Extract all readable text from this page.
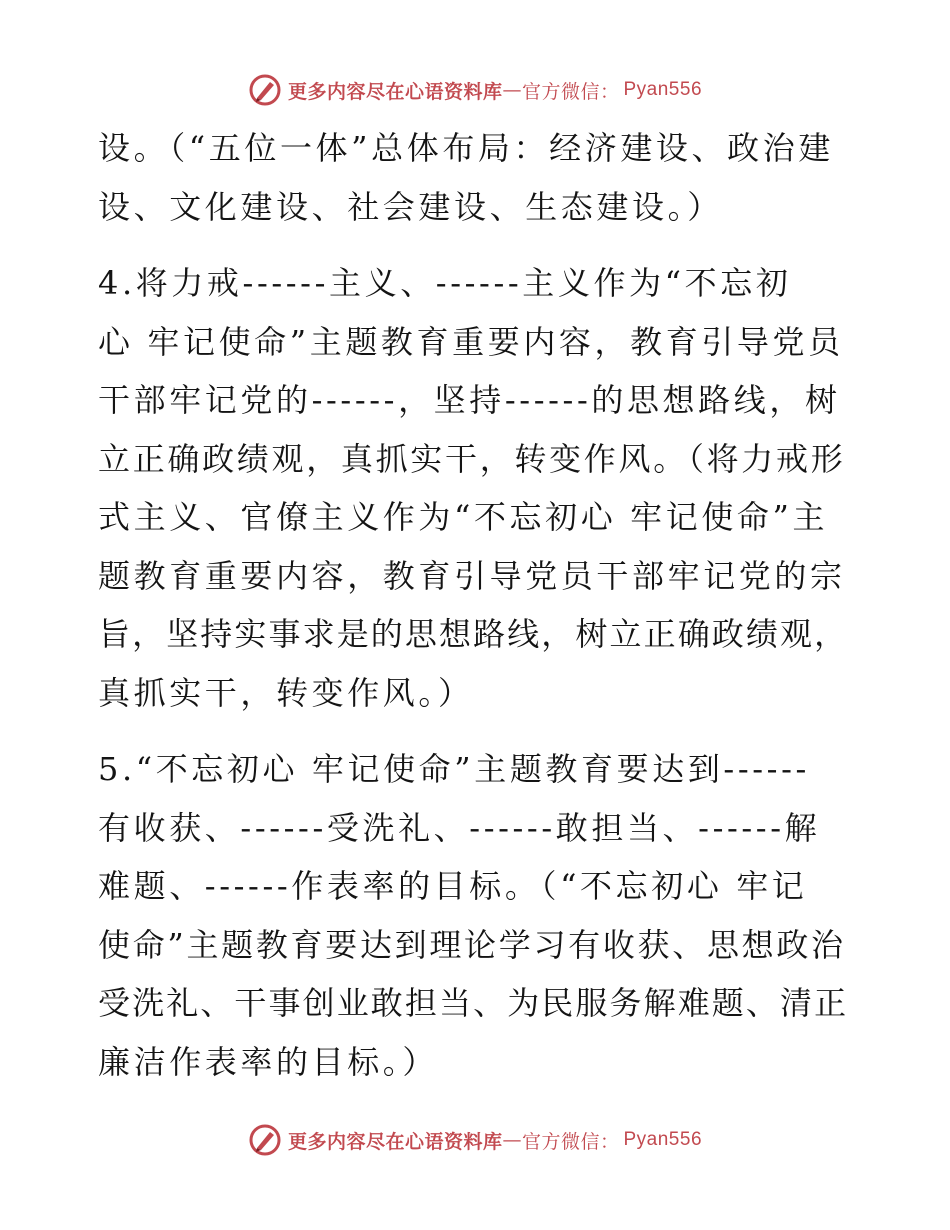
更多内容尽在心语资料库 — 官方微信： Pyan556
设。（“五位一体”总体布局：经济建设、政治建
设、文化建设、社会建设、生态建设。）
4.将力戒------主义、------主义作为“不忘初
心 牢记使命”主题教育重要内容，教育引导党员
干部牢记党的------，坚持------的思想路线，树
立正确政绩观，真抓实干，转变作风。（将力戒形
式主义、官僚主义作为“不忘初心 牢记使命”主
题教育重要内容，教育引导党员干部牢记党的宗
旨，坚持实事求是的思想路线，树立正确政绩观，
真抓实干，转变作风。）
5.“不忘初心 牢记使命”主题教育要达到------
有收获、------受洗礼、------敢担当、------解
难题、------作表率的目标。（“不忘初心 牢记
使命”主题教育要达到理论学习有收获、思想政治
受洗礼、干事创业敢担当、为民服务解难题、清正
廉洁作表率的目标。）
更多内容尽在心语资料库 — 官方微信： Pyan556
